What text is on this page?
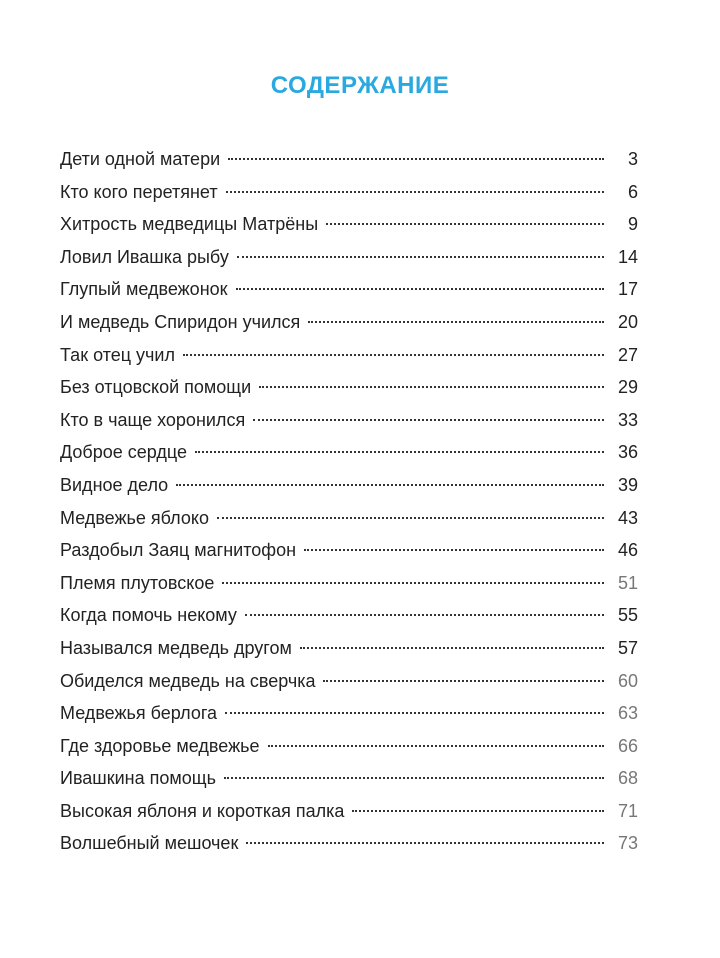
СОДЕРЖАНИЕ
Дети одной матери	3
Кто кого перетянет	6
Хитрость медведицы Матрёны	9
Ловил Ивашка рыбу	14
Глупый медвежонок	17
И медведь Спиридон учился	20
Так отец учил	27
Без отцовской помощи	29
Кто в чаще хоронился	33
Доброе сердце	36
Видное дело	39
Медвежье яблоко	43
Раздобыл Заяц магнитофон	46
Племя плутовское	51
Когда помочь некому	55
Назывался медведь другом	57
Обиделся медведь на сверчка	60
Медвежья берлога	63
Где здоровье медвежье	66
Ивашкина помощь	68
Высокая яблоня и короткая палка	71
Волшебный мешочек	73
